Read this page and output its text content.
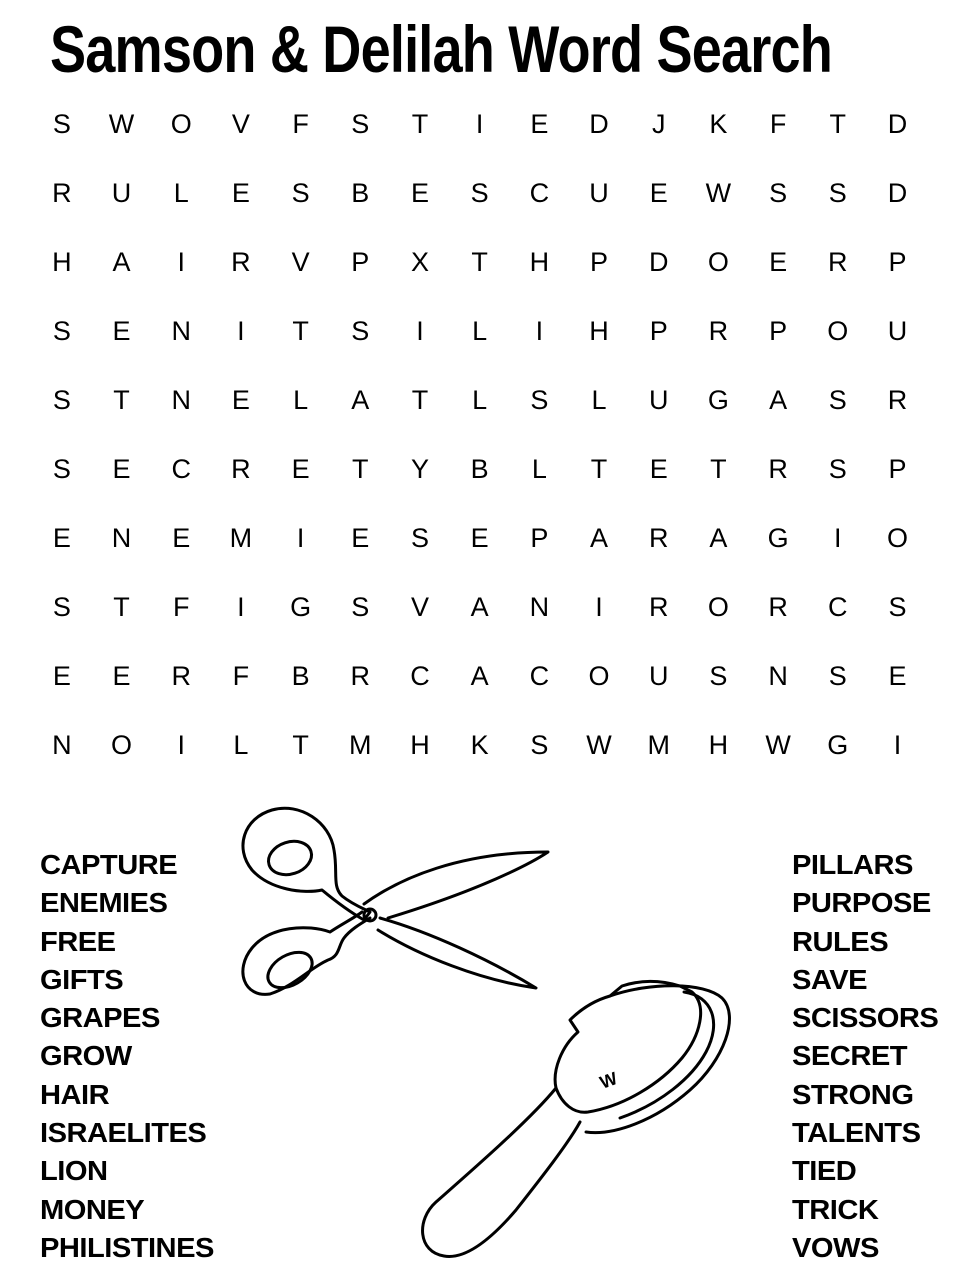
Samson & Delilah Word Search
S	W	O	V	F	S	T	I	E	D	J	K	F	T	D
R	U	L	E	S	B	E	S	C	U	E	W	S	S	D
H	A	I	R	V	P	X	T	H	P	D	O	E	R	P
S	E	N	I	T	S	I	L	I	H	P	R	P	O	U
S	T	N	E	L	A	T	L	S	L	U	G	A	S	R
S	E	C	R	E	T	Y	B	L	T	E	T	R	S	P
E	N	E	M	I	E	S	E	P	A	R	A	G	I	O
S	T	F	I	G	S	V	A	N	I	R	O	R	C	S
E	E	R	F	B	R	C	A	C	O	U	S	N	S	E
N	O	I	L	T	M	H	K	S	W	M	H	W	G	I
W
CAPTURE
ENEMIES
FREE
GIFTS
GRAPES
GROW
HAIR
ISRAELITES
LION
MONEY
PHILISTINES
PILLARS
PURPOSE
RULES
SAVE
SCISSORS
SECRET
STRONG
TALENTS
TIED
TRICK
VOWS
